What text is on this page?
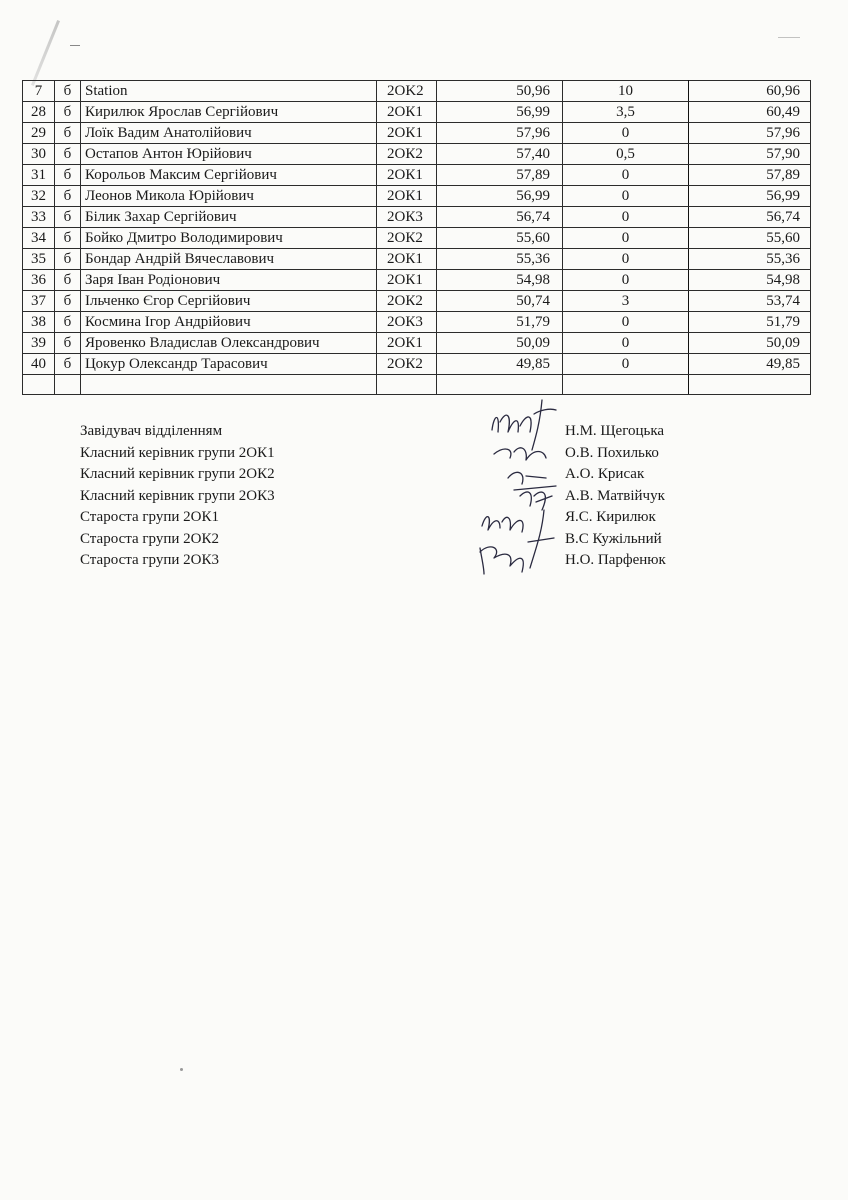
7	б	Station	2OK2	50,96	10	60,96
28	б	Кирилюк Ярослав Сергійович	2ОК1	56,99	3,5	60,49
29	б	Лоїк Вадим Анатолійович	2ОК1	57,96	0	57,96
30	б	Остапов Антон Юрійович	2ОК2	57,40	0,5	57,90
31	б	Корольов Максим Сергійович	2ОК1	57,89	0	57,89
32	б	Леонов Микола Юрійович	2ОК1	56,99	0	56,99
33	б	Білик Захар Сергійович	2ОК3	56,74	0	56,74
34	б	Бойко Дмитро Володимирович	2ОК2	55,60	0	55,60
35	б	Бондар Андрій Вячеславович	2ОК1	55,36	0	55,36
36	б	Заря Іван Родіонович	2ОК1	54,98	0	54,98
37	б	Ільченко Єгор Сергійович	2ОК2	50,74	3	53,74
38	б	Космина Ігор Андрійович	2ОК3	51,79	0	51,79
39	б	Яровенко Владислав Олександрович	2ОК1	50,09	0	50,09
40	б	Цокур Олександр Тарасович	2ОК2	49,85	0	49,85

Завідувач відділенням	Н.М. Щегоцька
Класний керівник групи 2ОК1	О.В. Похилько
Класний керівник групи 2ОК2	А.О. Крисак
Класний керівник групи 2ОК3	А.В. Матвійчук
Староста групи 2ОК1	Я.С. Кирилюк
Староста групи 2ОК2	В.С Кужільний
Староста групи 2ОК3	Н.О. Парфенюк
